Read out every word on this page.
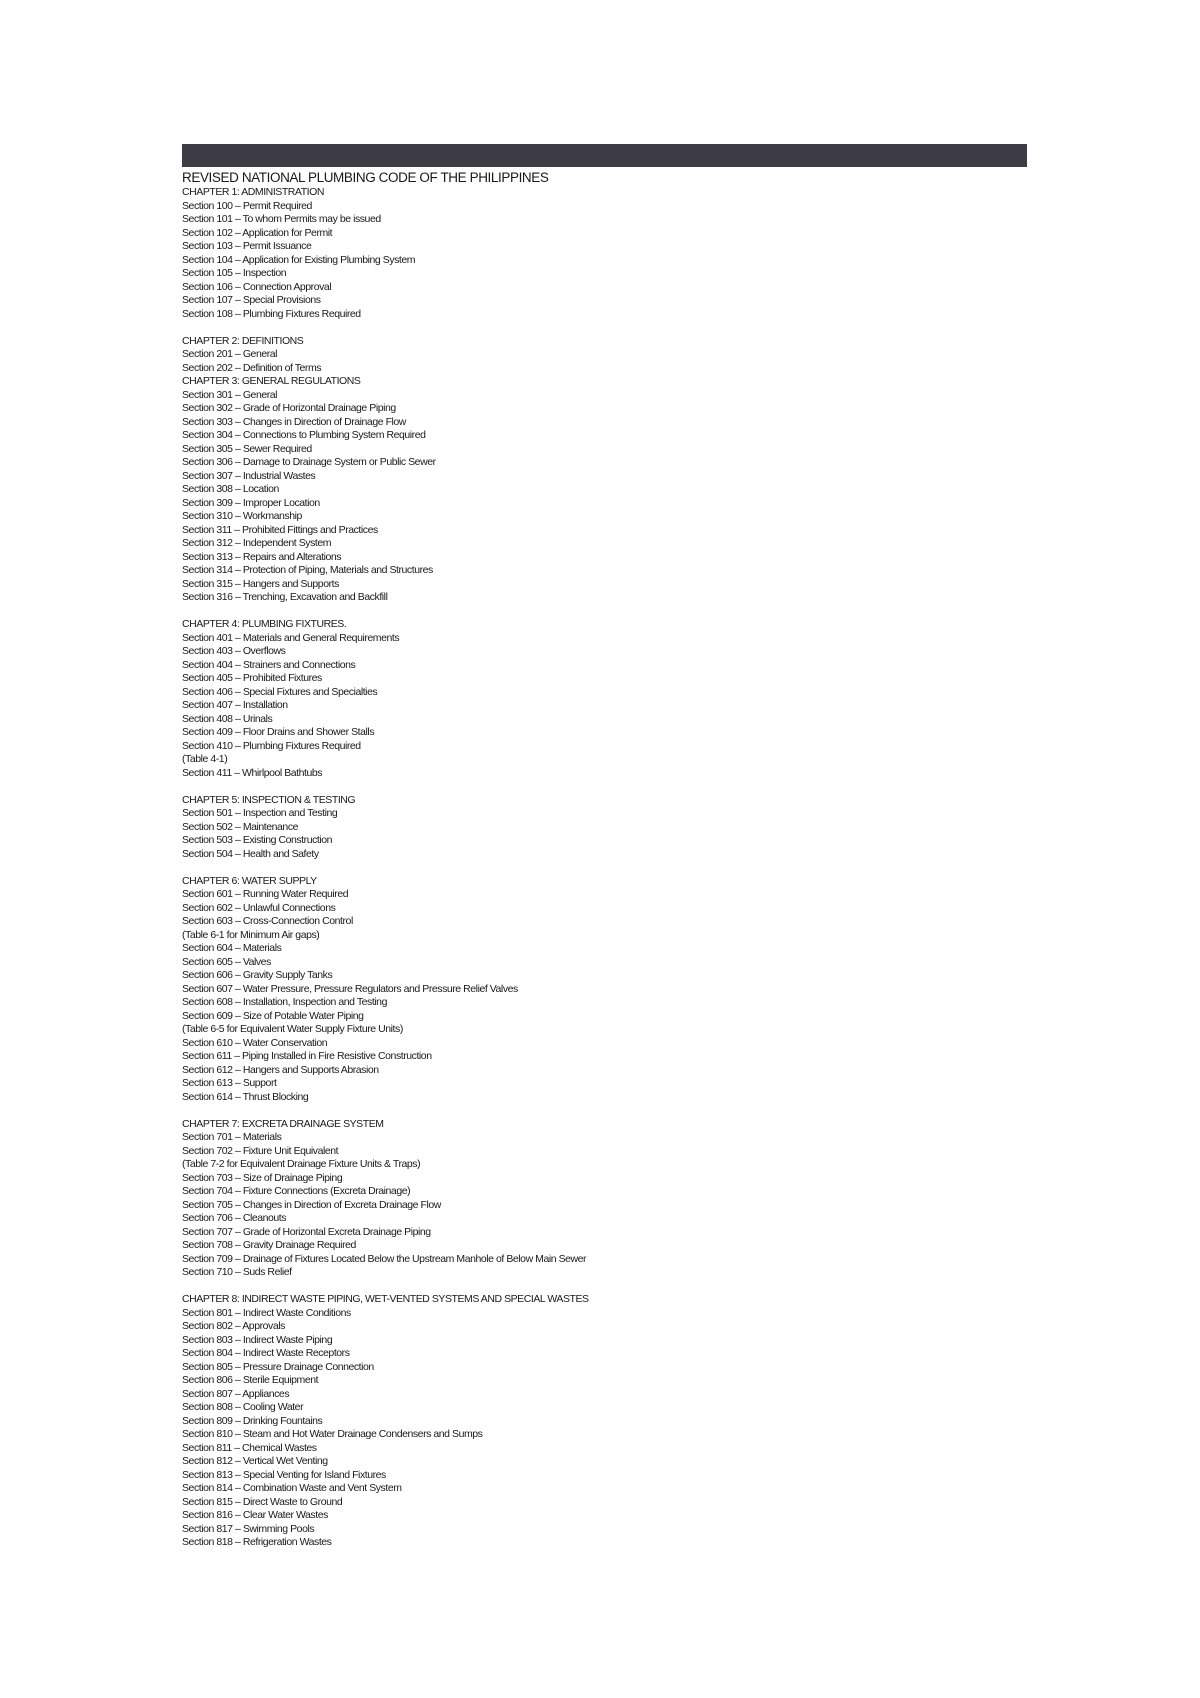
REVISED NATIONAL PLUMBING CODE OF THE PHILIPPINES
CHAPTER 1: ADMINISTRATION
Section 100 – Permit Required
Section 101 – To whom Permits may be issued
Section 102 – Application for Permit
Section 103 – Permit Issuance
Section 104 – Application for Existing Plumbing System
Section 105 – Inspection
Section 106 – Connection Approval
Section 107 – Special Provisions
Section 108 – Plumbing Fixtures Required
CHAPTER 2: DEFINITIONS
Section 201 – General
Section 202 – Definition of Terms
CHAPTER 3: GENERAL REGULATIONS
Section 301 – General
Section 302 – Grade of Horizontal Drainage Piping
Section 303 – Changes in Direction of Drainage Flow
Section 304 – Connections to Plumbing System Required
Section 305 – Sewer Required
Section 306 – Damage to Drainage System or Public Sewer
Section 307 – Industrial Wastes
Section 308 – Location
Section 309 – Improper Location
Section 310 – Workmanship
Section 311 – Prohibited Fittings and Practices
Section 312 – Independent System
Section 313 – Repairs and Alterations
Section 314 – Protection of Piping, Materials and Structures
Section 315 – Hangers and Supports
Section 316 – Trenching, Excavation and Backfill
CHAPTER 4: PLUMBING FIXTURES.
Section 401 – Materials and General Requirements
Section 403 – Overflows
Section 404 – Strainers and Connections
Section 405 – Prohibited Fixtures
Section 406 – Special Fixtures and Specialties
Section 407 – Installation
Section 408 – Urinals
Section 409 – Floor Drains and Shower Stalls
Section 410 – Plumbing Fixtures Required
(Table 4-1)
Section 411 – Whirlpool Bathtubs
CHAPTER 5: INSPECTION & TESTING
Section 501 – Inspection and Testing
Section 502 – Maintenance
Section 503 – Existing Construction
Section 504 – Health and Safety
CHAPTER 6: WATER SUPPLY
Section 601 – Running Water Required
Section 602 – Unlawful Connections
Section 603 – Cross-Connection Control
(Table 6-1 for Minimum Air gaps)
Section 604 – Materials
Section 605 – Valves
Section 606 – Gravity Supply Tanks
Section 607 – Water Pressure, Pressure Regulators and Pressure Relief Valves
Section 608 – Installation, Inspection and Testing
Section 609 – Size of Potable Water Piping
(Table 6-5 for Equivalent Water Supply Fixture Units)
Section 610 – Water Conservation
Section 611 – Piping Installed in Fire Resistive Construction
Section 612 – Hangers and Supports Abrasion
Section 613 – Support
Section 614 – Thrust Blocking
CHAPTER 7: EXCRETA DRAINAGE SYSTEM
Section 701 – Materials
Section 702 – Fixture Unit Equivalent
(Table 7-2 for Equivalent Drainage Fixture Units & Traps)
Section 703 – Size of Drainage Piping
Section 704 – Fixture Connections (Excreta Drainage)
Section 705 – Changes in Direction of Excreta Drainage Flow
Section 706 – Cleanouts
Section 707 – Grade of Horizontal Excreta Drainage Piping
Section 708 – Gravity Drainage Required
Section 709 – Drainage of Fixtures Located Below the Upstream Manhole of Below Main Sewer
Section 710 – Suds Relief
CHAPTER 8: INDIRECT WASTE PIPING, WET-VENTED SYSTEMS AND SPECIAL WASTES
Section 801 – Indirect Waste Conditions
Section 802 – Approvals
Section 803 – Indirect Waste Piping
Section 804 – Indirect Waste Receptors
Section 805 – Pressure Drainage Connection
Section 806 – Sterile Equipment
Section 807 – Appliances
Section 808 – Cooling Water
Section 809 – Drinking Fountains
Section 810 – Steam and Hot Water Drainage Condensers and Sumps
Section 811 – Chemical Wastes
Section 812 – Vertical Wet Venting
Section 813 – Special Venting for Island Fixtures
Section 814 – Combination Waste and Vent System
Section 815 – Direct Waste to Ground
Section 816 – Clear Water Wastes
Section 817 – Swimming Pools
Section 818 – Refrigeration Wastes
